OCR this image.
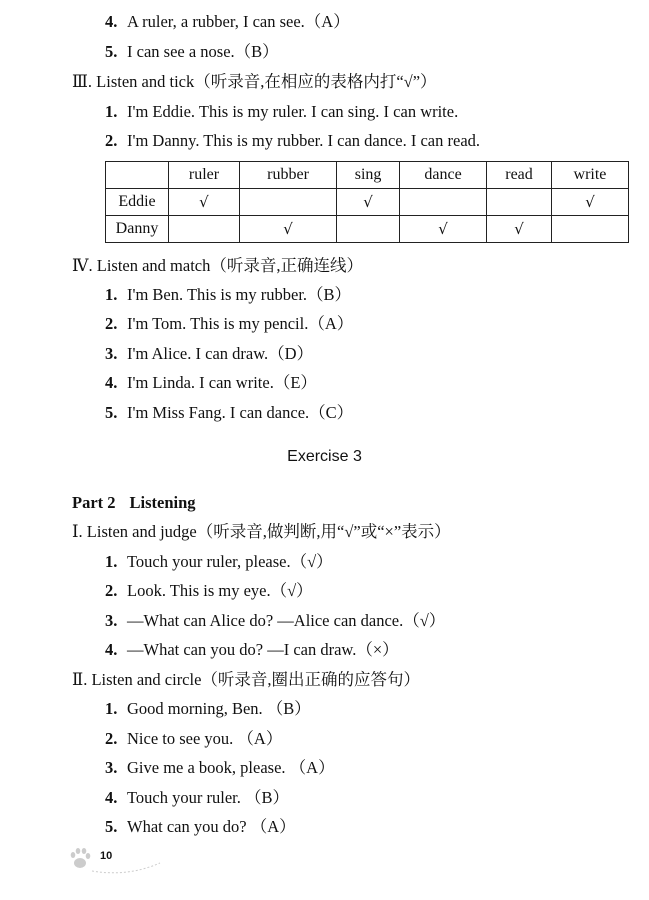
4. A ruler, a rubber, I can see.（A）
5. I can see a nose.（B）
Ⅲ. Listen and tick（听录音,在相应的表格内打“√”）
1. I'm Eddie. This is my ruler. I can sing. I can write.
2. I'm Danny. This is my rubber. I can dance. I can read.
	ruler	rubber	sing	dance	read	write
Eddie	√		√			√
Danny		√		√	√	
Ⅳ. Listen and match（听录音,正确连线）
1. I'm Ben. This is my rubber.（B）
2. I'm Tom. This is my pencil.（A）
3. I'm Alice. I can draw.（D）
4. I'm Linda. I can write.（E）
5. I'm Miss Fang. I can dance.（C）
Exercise 3
Part 2 Listening
Ⅰ. Listen and judge（听录音,做判断,用“√”或“×”表示）
1. Touch your ruler, please.（√）
2. Look. This is my eye.（√）
3. —What can Alice do? —Alice can dance.（√）
4. —What can you do? —I can draw.（×）
Ⅱ. Listen and circle（听录音,圈出正确的应答句）
1. Good morning, Ben. （B）
2. Nice to see you. （A）
3. Give me a book, please. （A）
4. Touch your ruler. （B）
5. What can you do? （A）
10
